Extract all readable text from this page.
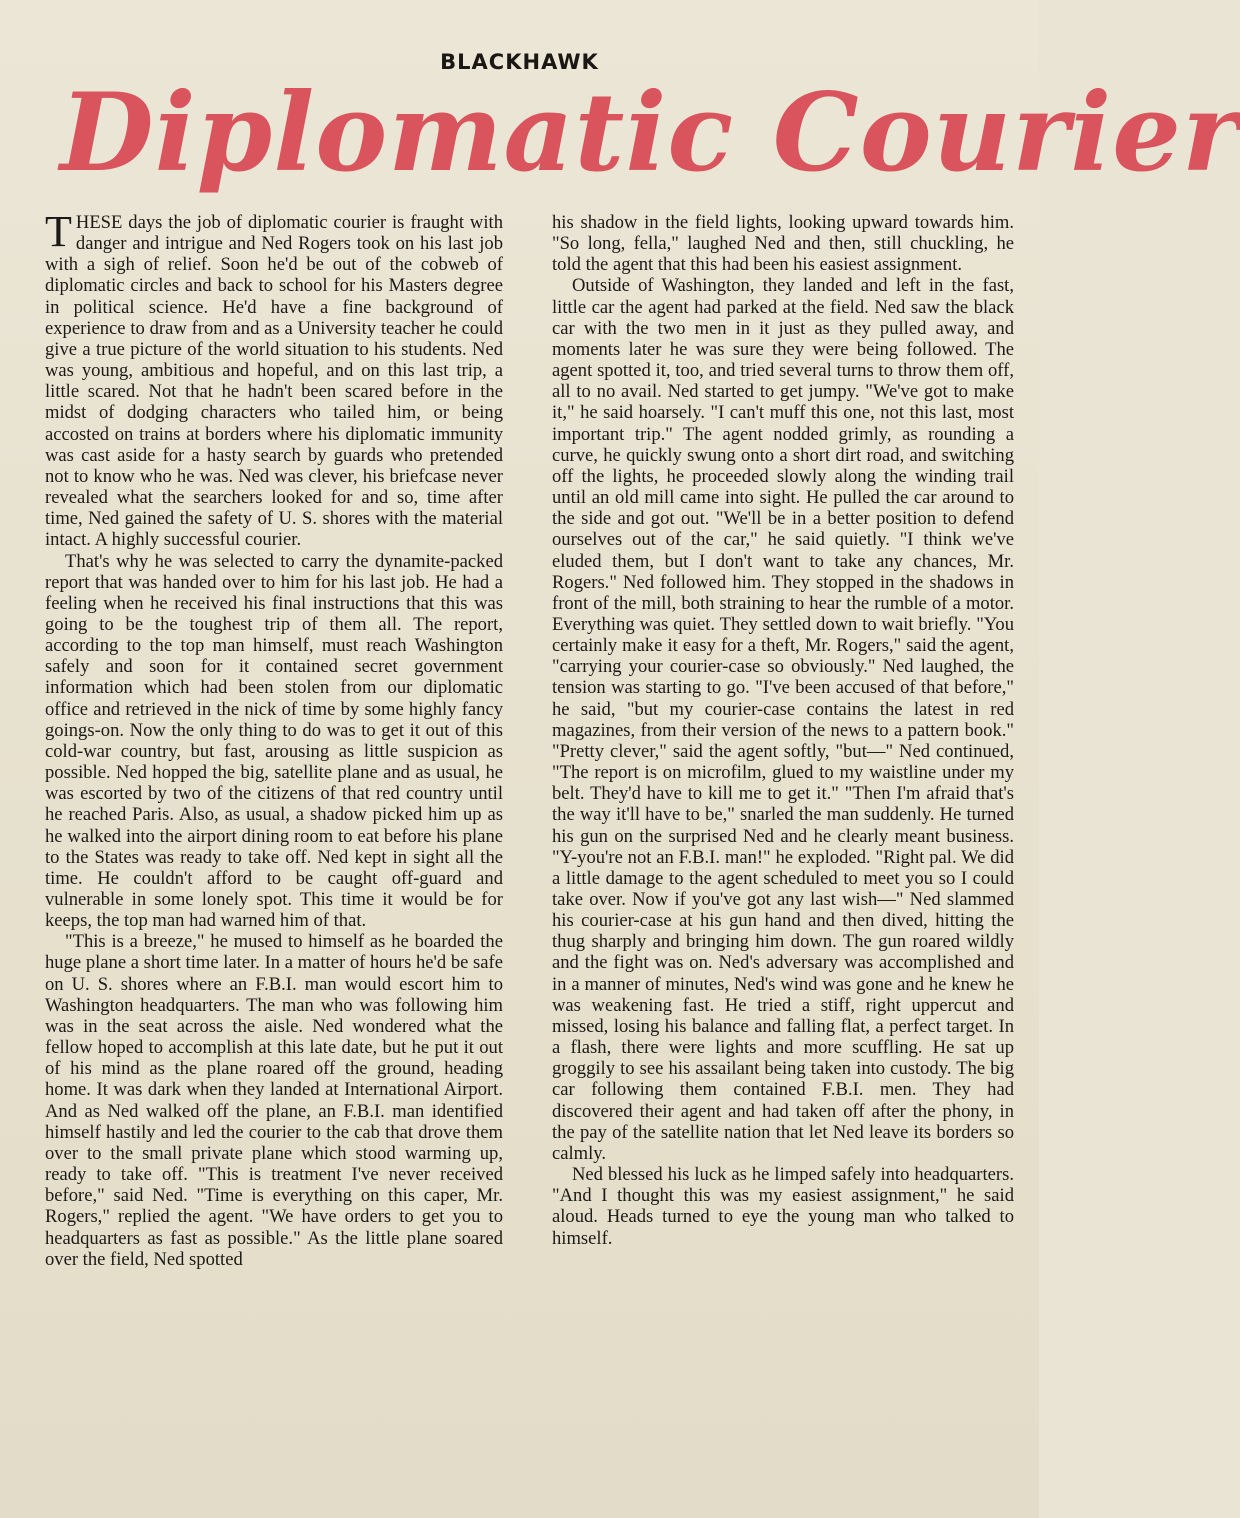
BLACKHAWK
Diplomatic Courier

THESE days the job of diplomatic courier is fraught with danger and intrigue and Ned Rogers took on his last job with a sigh of relief. Soon he'd be out of the cobweb of diplomatic circles and back to school for his Masters degree in political science. He'd have a fine background of experience to draw from and as a University teacher he could give a true picture of the world situation to his students. Ned was young, ambitious and hopeful, and on this last trip, a little scared. Not that he hadn't been scared before in the midst of dodging characters who tailed him, or being accosted on trains at borders where his diplomatic immunity was cast aside for a hasty search by guards who pretended not to know who he was. Ned was clever, his briefcase never revealed what the searchers looked for and so, time after time, Ned gained the safety of U. S. shores with the material intact. A highly successful courier.

That's why he was selected to carry the dynamite-packed report that was handed over to him for his last job. He had a feeling when he received his final instructions that this was going to be the toughest trip of them all. The report, according to the top man himself, must reach Washington safely and soon for it contained secret government information which had been stolen from our diplomatic office and retrieved in the nick of time by some highly fancy goings-on. Now the only thing to do was to get it out of this cold-war country, but fast, arousing as little suspicion as possible. Ned hopped the big, satellite plane and as usual, he was escorted by two of the citizens of that red country until he reached Paris. Also, as usual, a shadow picked him up as he walked into the airport dining room to eat before his plane to the States was ready to take off. Ned kept in sight all the time. He couldn't afford to be caught off-guard and vulnerable in some lonely spot. This time it would be for keeps, the top man had warned him of that.

"This is a breeze," he mused to himself as he boarded the huge plane a short time later. In a matter of hours he'd be safe on U. S. shores where an F.B.I. man would escort him to Washington headquarters. The man who was following him was in the seat across the aisle. Ned wondered what the fellow hoped to accomplish at this late date, but he put it out of his mind as the plane roared off the ground, heading home. It was dark when they landed at International Airport. And as Ned walked off the plane, an F.B.I. man identified himself hastily and led the courier to the cab that drove them over to the small private plane which stood warming up, ready to take off. "This is treatment I've never received before," said Ned. "Time is everything on this caper, Mr. Rogers," replied the agent. "We have orders to get you to headquarters as fast as possible." As the little plane soared over the field, Ned spotted

his shadow in the field lights, looking upward towards him. "So long, fella," laughed Ned and then, still chuckling, he told the agent that this had been his easiest assignment.

Outside of Washington, they landed and left in the fast, little car the agent had parked at the field. Ned saw the black car with the two men in it just as they pulled away, and moments later he was sure they were being followed. The agent spotted it, too, and tried several turns to throw them off, all to no avail. Ned started to get jumpy. "We've got to make it," he said hoarsely. "I can't muff this one, not this last, most important trip." The agent nodded grimly, as rounding a curve, he quickly swung onto a short dirt road, and switching off the lights, he proceeded slowly along the winding trail until an old mill came into sight. He pulled the car around to the side and got out. "We'll be in a better position to defend ourselves out of the car," he said quietly. "I think we've eluded them, but I don't want to take any chances, Mr. Rogers." Ned followed him. They stopped in the shadows in front of the mill, both straining to hear the rumble of a motor. Everything was quiet. They settled down to wait briefly. "You certainly make it easy for a theft, Mr. Rogers," said the agent, "carrying your courier-case so obviously." Ned laughed, the tension was starting to go. "I've been accused of that before," he said, "but my courier-case contains the latest in red magazines, from their version of the news to a pattern book." "Pretty clever," said the agent softly, "but—" Ned continued, "The report is on microfilm, glued to my waistline under my belt. They'd have to kill me to get it." "Then I'm afraid that's the way it'll have to be," snarled the man suddenly. He turned his gun on the surprised Ned and he clearly meant business. "Y-you're not an F.B.I. man!" he exploded. "Right pal. We did a little damage to the agent scheduled to meet you so I could take over. Now if you've got any last wish—" Ned slammed his courier-case at his gun hand and then dived, hitting the thug sharply and bringing him down. The gun roared wildly and the fight was on. Ned's adversary was accomplished and in a manner of minutes, Ned's wind was gone and he knew he was weakening fast. He tried a stiff, right uppercut and missed, losing his balance and falling flat, a perfect target. In a flash, there were lights and more scuffling. He sat up groggily to see his assailant being taken into custody. The big car following them contained F.B.I. men. They had discovered their agent and had taken off after the phony, in the pay of the satellite nation that let Ned leave its borders so calmly.

Ned blessed his luck as he limped safely into headquarters. "And I thought this was my easiest assignment," he said aloud. Heads turned to eye the young man who talked to himself.
